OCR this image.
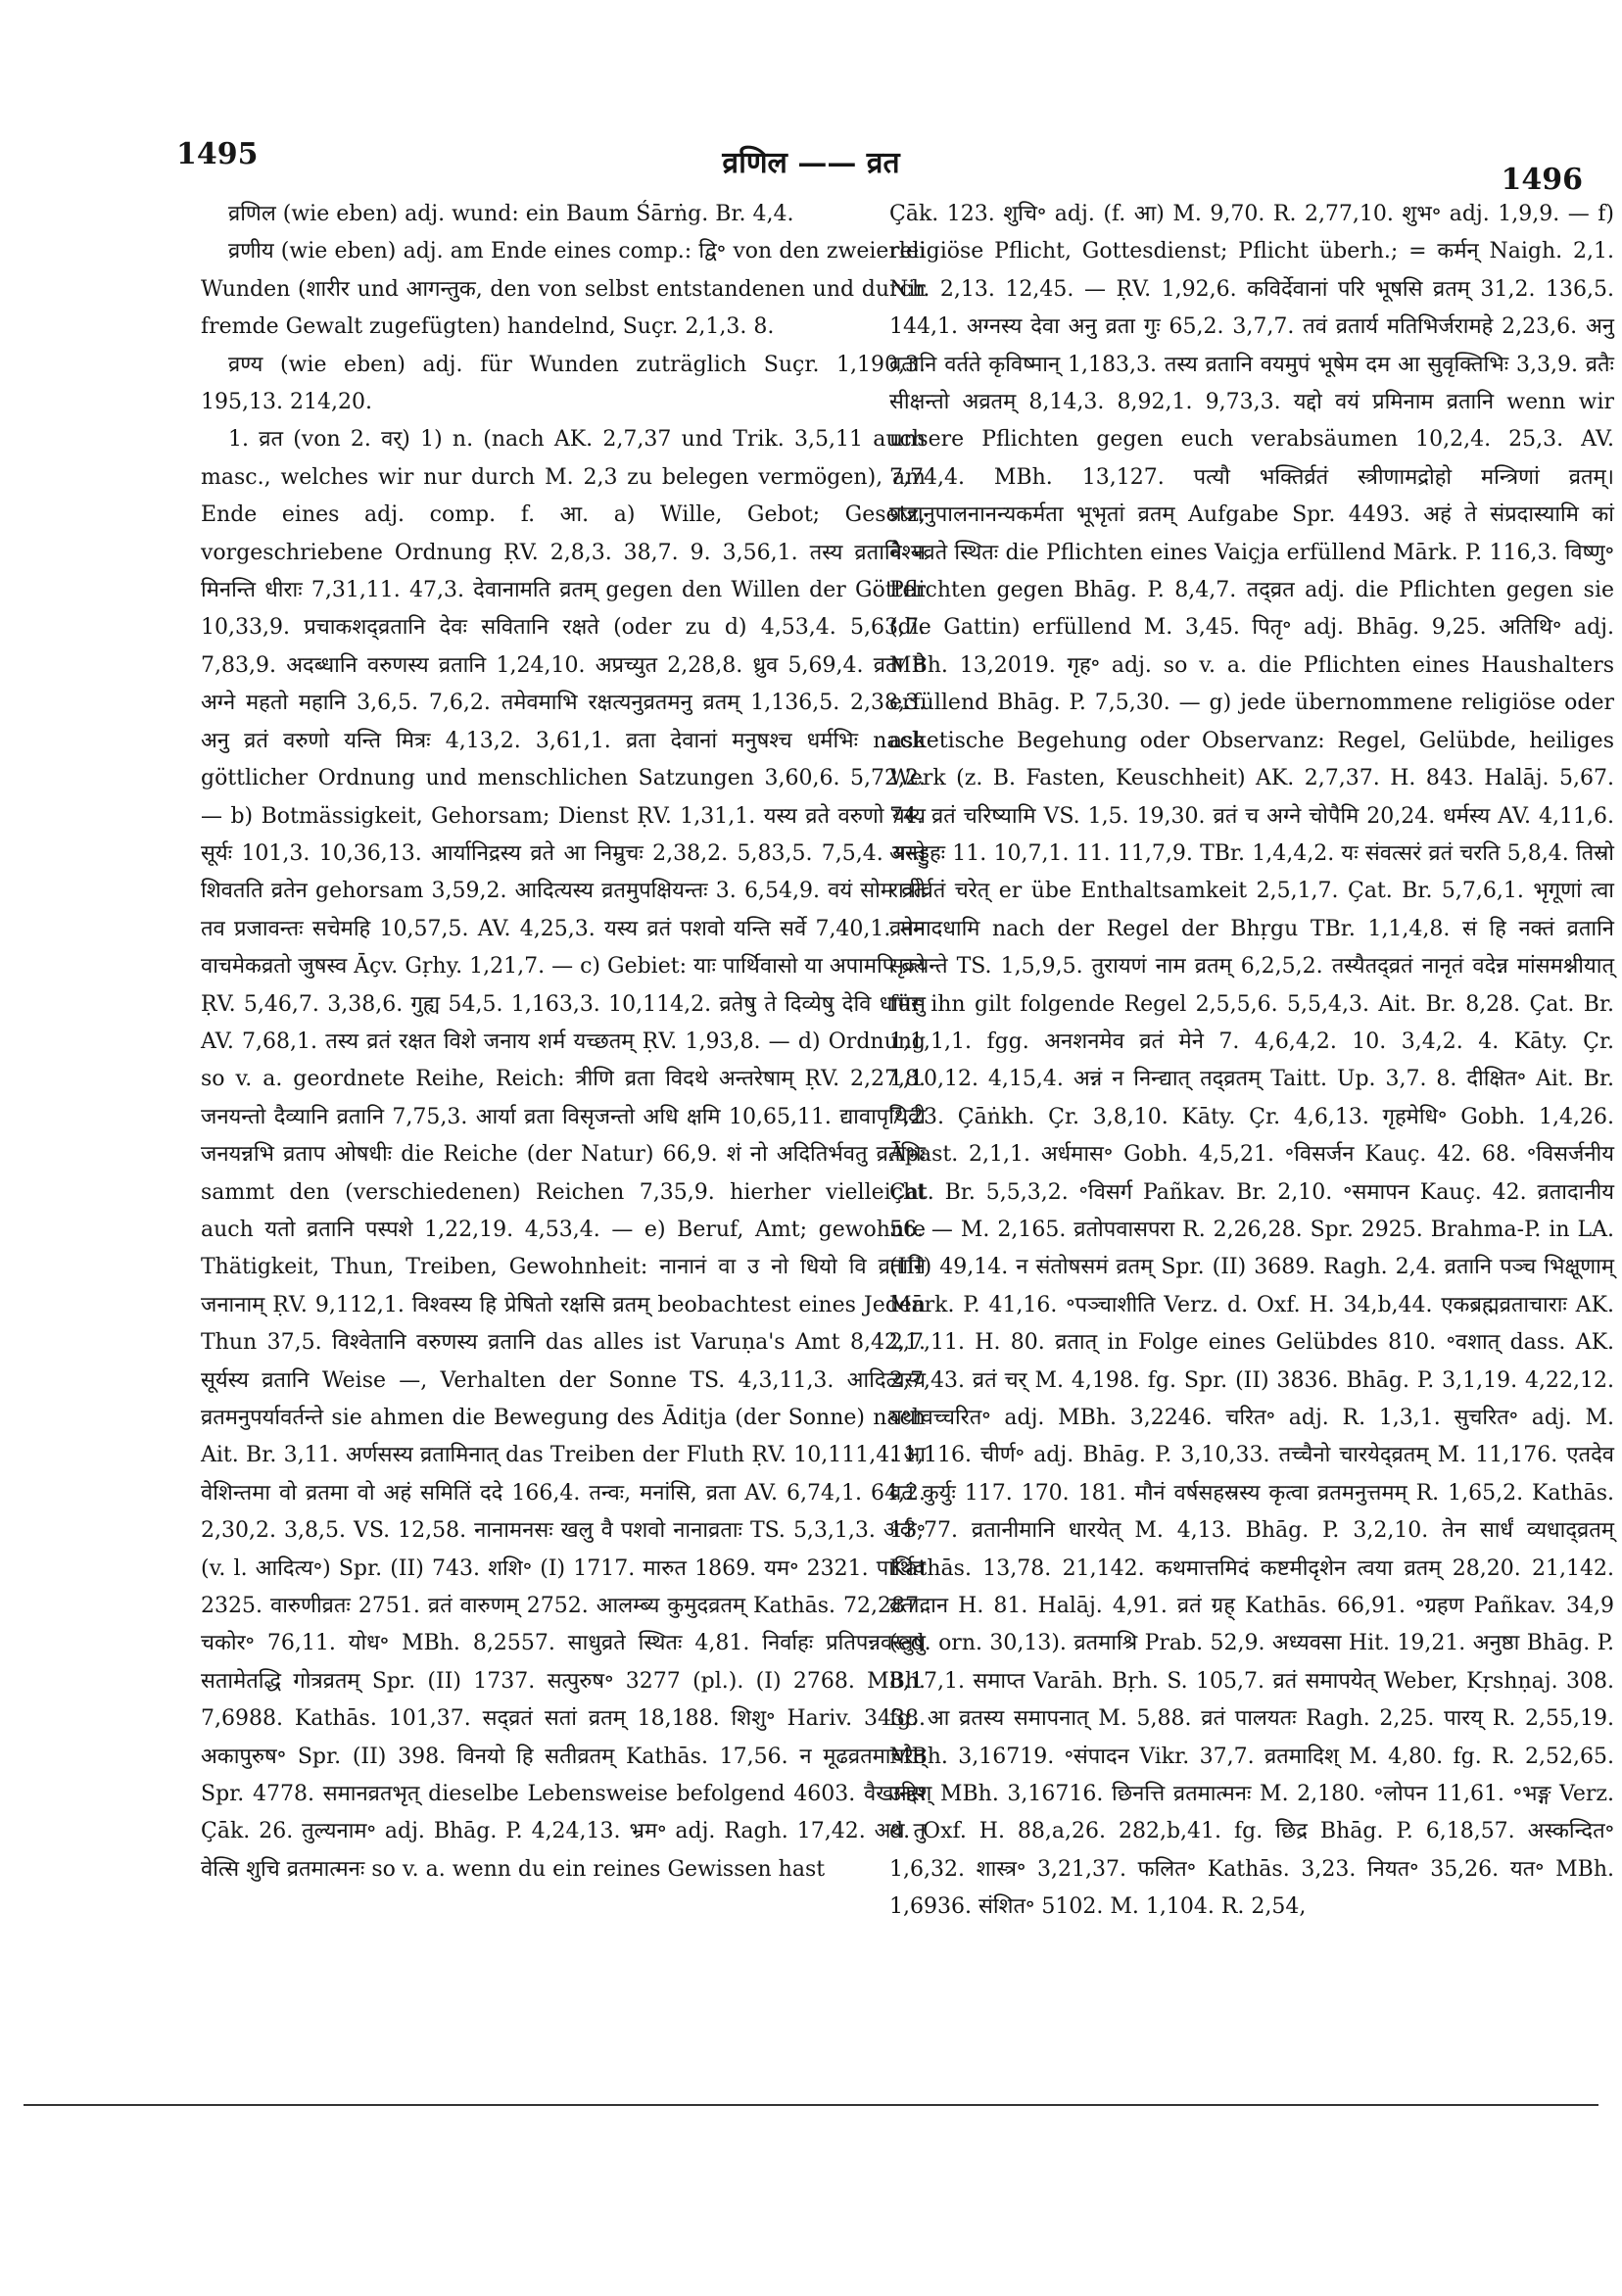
1495	व्रणिल —— व्रत	1496

व्रणिल (wie eben) adj. wund: ein Baum Śārṅg. Br. 4,4.

व्रणीय (wie eben) adj. am Ende eines comp.: द्वि॰ von den zweierlei Wunden (शारीर und आगन्तुक, den von selbst entstandenen und durch fremde Gewalt zugefügten) handelnd, Suçr. 2,1,3. 8.

व्रण्य (wie eben) adj. für Wunden zuträglich Suçr. 1,190,3. 195,13. 214,20.

1. व्रत (von 2. वर्) 1) n. (nach AK. 2,7,37 und Trik. 3,5,11 auch masc., welches wir nur durch M. 2,3 zu belegen vermögen), am Ende eines adj. comp. f. आ. a) Wille, Gebot; Gesetz, vorgeschriebene Ordnung ṚV. 2,8,3. 38,7. 9. 3,56,1. तस्य व्रतानि न मिनन्ति धीराः 7,31,11. 47,3. देवानामति व्रतम् gegen den Willen der Götter 10,33,9. प्रचाकशद्व्रतानि देवः सवितानि रक्षते (oder zu d) 4,53,4. 5,63,7. 7,83,9. अदब्धानि वरुणस्य व्रतानि 1,24,10. अप्रच्युत 2,28,8. ध्रुव 5,69,4. व्रता ते अग्ने महतो महानि 3,6,5. 7,6,2. तमेवमाभि रक्षत्यनुव्रतमनु व्रतम् 1,136,5. 2,38,3. अनु व्रतं वरुणो यन्ति मित्रः 4,13,2. 3,61,1. व्रता देवानां मनुषश्च धर्मभिः nach göttlicher Ordnung und menschlichen Satzungen 3,60,6. 5,72,2. — b) Botmässigkeit, Gehorsam; Dienst ṚV. 1,31,1. यस्य व्रते वरुणो यस्य सूर्यः 101,3. 10,36,13. आर्यानिद्रस्य व्रते आ निम्रुचः 2,38,2. 5,83,5. 7,5,4. यस्ते शिवतति व्रतेन gehorsam 3,59,2. आदित्यस्य व्रतमुपक्षियन्तः 3. 6,54,9. वयं सोम व्रते तव प्रजावन्तः सचेमहि 10,57,5. AV. 4,25,3. यस्य व्रतं पशवो यन्ति सर्वे 7,40,1. मम वाचमेकव्रतो जुषस्व Āçv. Gṛhy. 1,21,7. — c) Gebiet: याः पार्थिवासो या अपामपि व्रते ṚV. 5,46,7. 3,38,6. गुह्य 54,5. 1,163,3. 10,114,2. व्रतेषु ते दिव्येषु देवि धामसु AV. 7,68,1. तस्य व्रतं रक्षत विशे जनाय शर्म यच्छतम् ṚV. 1,93,8. — d) Ordnung so v. a. geordnete Reihe, Reich: त्रीणि व्रता विदथे अन्तरेषाम् ṚV. 2,27,8. जनयन्तो दैव्यानि व्रतानि 7,75,3. आर्या व्रता विसृजन्तो अधि क्षमि 10,65,11. द्यावापृथिवी जनयन्नभि व्रताप ओषधीः die Reiche (der Natur) 66,9. शं नो अदितिर्भवतु व्रतेभिः sammt den (verschiedenen) Reichen 7,35,9. hierher vielleicht auch यतो व्रतानि पस्पशे 1,22,19. 4,53,4. — e) Beruf, Amt; gewohnte Thätigkeit, Thun, Treiben, Gewohnheit: नानानं वा उ नो धियो वि व्रतानि जनानाम् ṚV. 9,112,1. विश्वस्य हि प्रेषितो रक्षसि व्रतम् beobachtest eines Jeden Thun 37,5. विश्वेतानि वरुणस्य व्रतानि das alles ist Varuṇa's Amt 8,42,1. सूर्यस्य व्रतानि Weise —, Verhalten der Sonne TS. 4,3,11,3. आदित्यस्य व्रतमनुपर्यावर्तन्ते sie ahmen die Bewegung des Āditja (der Sonne) nach Ait. Br. 3,11. अर्णसस्य व्रतामिनात् das Treiben der Fluth ṚV. 10,111,4. आ वेशिन्तमा वो व्रतमा वो अहं समितिं ददे 166,4. तन्वः, मनांसि, व्रता AV. 6,74,1. 64,2. 2,30,2. 3,8,5. VS. 12,58. नानामनसः खलु वै पशवो नानाव्रताः TS. 5,3,1,3. अर्क॰ (v. l. आदित्य॰) Spr. (II) 743. शशि॰ (I) 1717. मारुत 1869. यम॰ 2321. पार्थिव 2325. वारुणीव्रतः 2751. व्रतं वारुणम् 2752. आलम्ब्य कुमुदव्रतम् Kathās. 72,287. चकोर॰ 76,11. योध॰ MBh. 8,2557. साधुव्रते स्थितः 4,81. निर्वाहः प्रतिपन्नवस्तुषु सतामेतद्धि गोत्रव्रतम् Spr. (II) 1737. सत्पुरुष॰ 3277 (pl.). (I) 2768. MBh. 7,6988. Kathās. 101,37. सद्व्रतं सतां व्रतम् 18,188. शिशु॰ Hariv. 3438. अकापुरुष॰ Spr. (II) 398. विनयो हि सतीव्रतम् Kathās. 17,56. न मूढव्रतमाचरेत् Spr. 4778. समानव्रतभृत् dieselbe Lebensweise befolgend 4603. वैखानस Çāk. 26. तुल्यनाम॰ adj. Bhāg. P. 4,24,13. भ्रम॰ adj. Ragh. 17,42. अथ तु वेत्सि शुचि व्रतमात्मनः so v. a. wenn du ein reines Gewissen hast

Çāk. 123. शुचि॰ adj. (f. आ) M. 9,70. R. 2,77,10. शुभ॰ adj. 1,9,9. — f) religiöse Pflicht, Gottesdienst; Pflicht überh.; = कर्मन् Naigh. 2,1. Nir. 2,13. 12,45. — ṚV. 1,92,6. कविर्देवानां परि भूषसि व्रतम् 31,2. 136,5. 144,1. अग्नस्य देवा अनु व्रता गुः 65,2. 3,7,7. तवं व्रतार्य मतिभिर्जरामहे 2,23,6. अनु व्रतानि वर्तते कृविष्मान् 1,183,3. तस्य व्रतानि वयमुपं भूषेम दम आ सुवृक्तिभिः 3,3,9. व्रतैः सीक्षन्तो अव्रतम् 8,14,3. 8,92,1. 9,73,3. यद्दो वयं प्रमिनाम व्रतानि wenn wir unsere Pflichten gegen euch verabsäumen 10,2,4. 25,3. AV. 7,74,4. MBh. 13,127. पत्यौ भक्तिर्व्रतं स्त्रीणामद्रोहो मन्त्रिणां व्रतम्। प्रजानुपालनानन्यकर्मता भूभृतां व्रतम् Aufgabe Spr. 4493. अहं ते संप्रदास्यामि कां वैश्यव्रते स्थितः die Pflichten eines Vaiçja erfüllend Mārk. P. 116,3. विष्णु॰ Pflichten gegen Bhāg. P. 8,4,7. तद्व्रत adj. die Pflichten gegen sie (die Gattin) erfüllend M. 3,45. पितृ॰ adj. Bhāg. 9,25. अतिथि॰ adj. MBh. 13,2019. गृह॰ adj. so v. a. die Pflichten eines Haushalters erfüllend Bhāg. P. 7,5,30. — g) jede übernommene religiöse oder asketische Begehung oder Observanz: Regel, Gelübde, heiliges Werk (z. B. Fasten, Keuschheit) AK. 2,7,37. H. 843. Halāj. 5,67. 74. व्रतं चरिष्यामि VS. 1,5. 19,30. व्रतं च अग्ने चोपैमि 20,24. धर्मस्य AV. 4,11,6. अनड्डुहः 11. 10,7,1. 11. 11,7,9. TBr. 1,4,4,2. यः संवत्सरं व्रतं चरति 5,8,4. तिस्रो रात्रीर्व्रतं चरेत् er übe Enthaltsamkeit 2,5,1,7. Çat. Br. 5,7,6,1. भृगूणां त्वा व्रतेनादधामि nach der Regel der Bhṛgu TBr. 1,1,4,8. सं हि नक्तं व्रतानि सृज्यन्ते TS. 1,5,9,5. तुरायणं नाम व्रतम् 6,2,5,2. तस्यैतद्व्रतं नानृतं वदेन्न मांसमश्नीयात् für ihn gilt folgende Regel 2,5,5,6. 5,5,4,3. Ait. Br. 8,28. Çat. Br. 1,1,1,1. fgg. अनशनमेव व्रतं मेने 7. 4,6,4,2. 10. 3,4,2. 4. Kāty. Çr. 1,10,12. 4,15,4. अन्नं न निन्द्यात् तद्व्रतम् Taitt. Up. 3,7. 8. दीक्षित॰ Ait. Br. 7,23. Çāṅkh. Çr. 3,8,10. Kāty. Çr. 4,6,13. गृहमेधि॰ Gobh. 1,4,26. Āpast. 2,1,1. अर्धमास॰ Gobh. 4,5,21. ॰विसर्जन Kauç. 42. 68. ॰विसर्जनीय Çat. Br. 5,5,3,2. ॰विसर्ग Pañkav. Br. 2,10. ॰समापन Kauç. 42. व्रतादानीय 56. — M. 2,165. व्रतोपवासपरा R. 2,26,28. Spr. 2925. Brahma-P. in LA. (III) 49,14. न संतोषसमं व्रतम् Spr. (II) 3689. Ragh. 2,4. व्रतानि पञ्च भिक्षूणाम् Mārk. P. 41,16. ॰पञ्चाशीति Verz. d. Oxf. H. 34,b,44. एकब्रह्मव्रताचाराः AK. 2,7,11. H. 80. व्रतात् in Folge eines Gelübdes 810. ॰वशात् dass. AK. 2,7,43. व्रतं चर् M. 4,198. fg. Spr. (II) 3836. Bhāg. P. 3,1,19. 4,22,12. यथावच्चरित॰ adj. MBh. 3,2246. चरित॰ adj. R. 1,3,1. सुचरित॰ adj. M. 11,116. चीर्ण॰ adj. Bhāg. P. 3,10,33. तच्चैनो चारयेद्व्रतम् M. 11,176. एतदेव व्रतं कुर्युः 117. 170. 181. मौनं वर्षसहस्रस्य कृत्वा व्रतमनुत्तमम् R. 1,65,2. Kathās. 13,77. व्रतानीमानि धारयेत् M. 4,13. Bhāg. P. 3,2,10. तेन सार्धं व्यधाद्व्रतम् Kathās. 13,78. 21,142. कथमात्तमिदं कष्टमीदृशेन त्वया व्रतम् 28,20. 21,142. व्रतादान H. 81. Halāj. 4,91. व्रतं ग्रह् Kathās. 66,91. ॰ग्रहण Pañkav. 34,9 (ed. orn. 30,13). व्रतमाश्रि Prab. 52,9. अध्यवसा Hit. 19,21. अनुष्ठा Bhāg. P. 8,17,1. समाप्त Varāh. Bṛh. S. 105,7. व्रतं समापयेत् Weber, Kṛshṇaj. 308. fg. आ व्रतस्य समापनात् M. 5,88. व्रतं पालयतः Ragh. 2,25. पारय् R. 2,55,19. MBh. 3,16719. ॰संपादन Vikr. 37,7. व्रतमादिश् M. 4,80. fg. R. 2,52,65. उद्दिश् MBh. 3,16716. छिनत्ति व्रतमात्मनः M. 2,180. ॰लोपन 11,61. ॰भङ्ग Verz. d. Oxf. H. 88,a,26. 282,b,41. fg. छिद्र Bhāg. P. 6,18,57. अस्कन्दित॰ 1,6,32. शास्त्र॰ 3,21,37. फलित॰ Kathās. 3,23. नियत॰ 35,26. यत॰ MBh. 1,6936. संशित॰ 5102. M. 1,104. R. 2,54,
